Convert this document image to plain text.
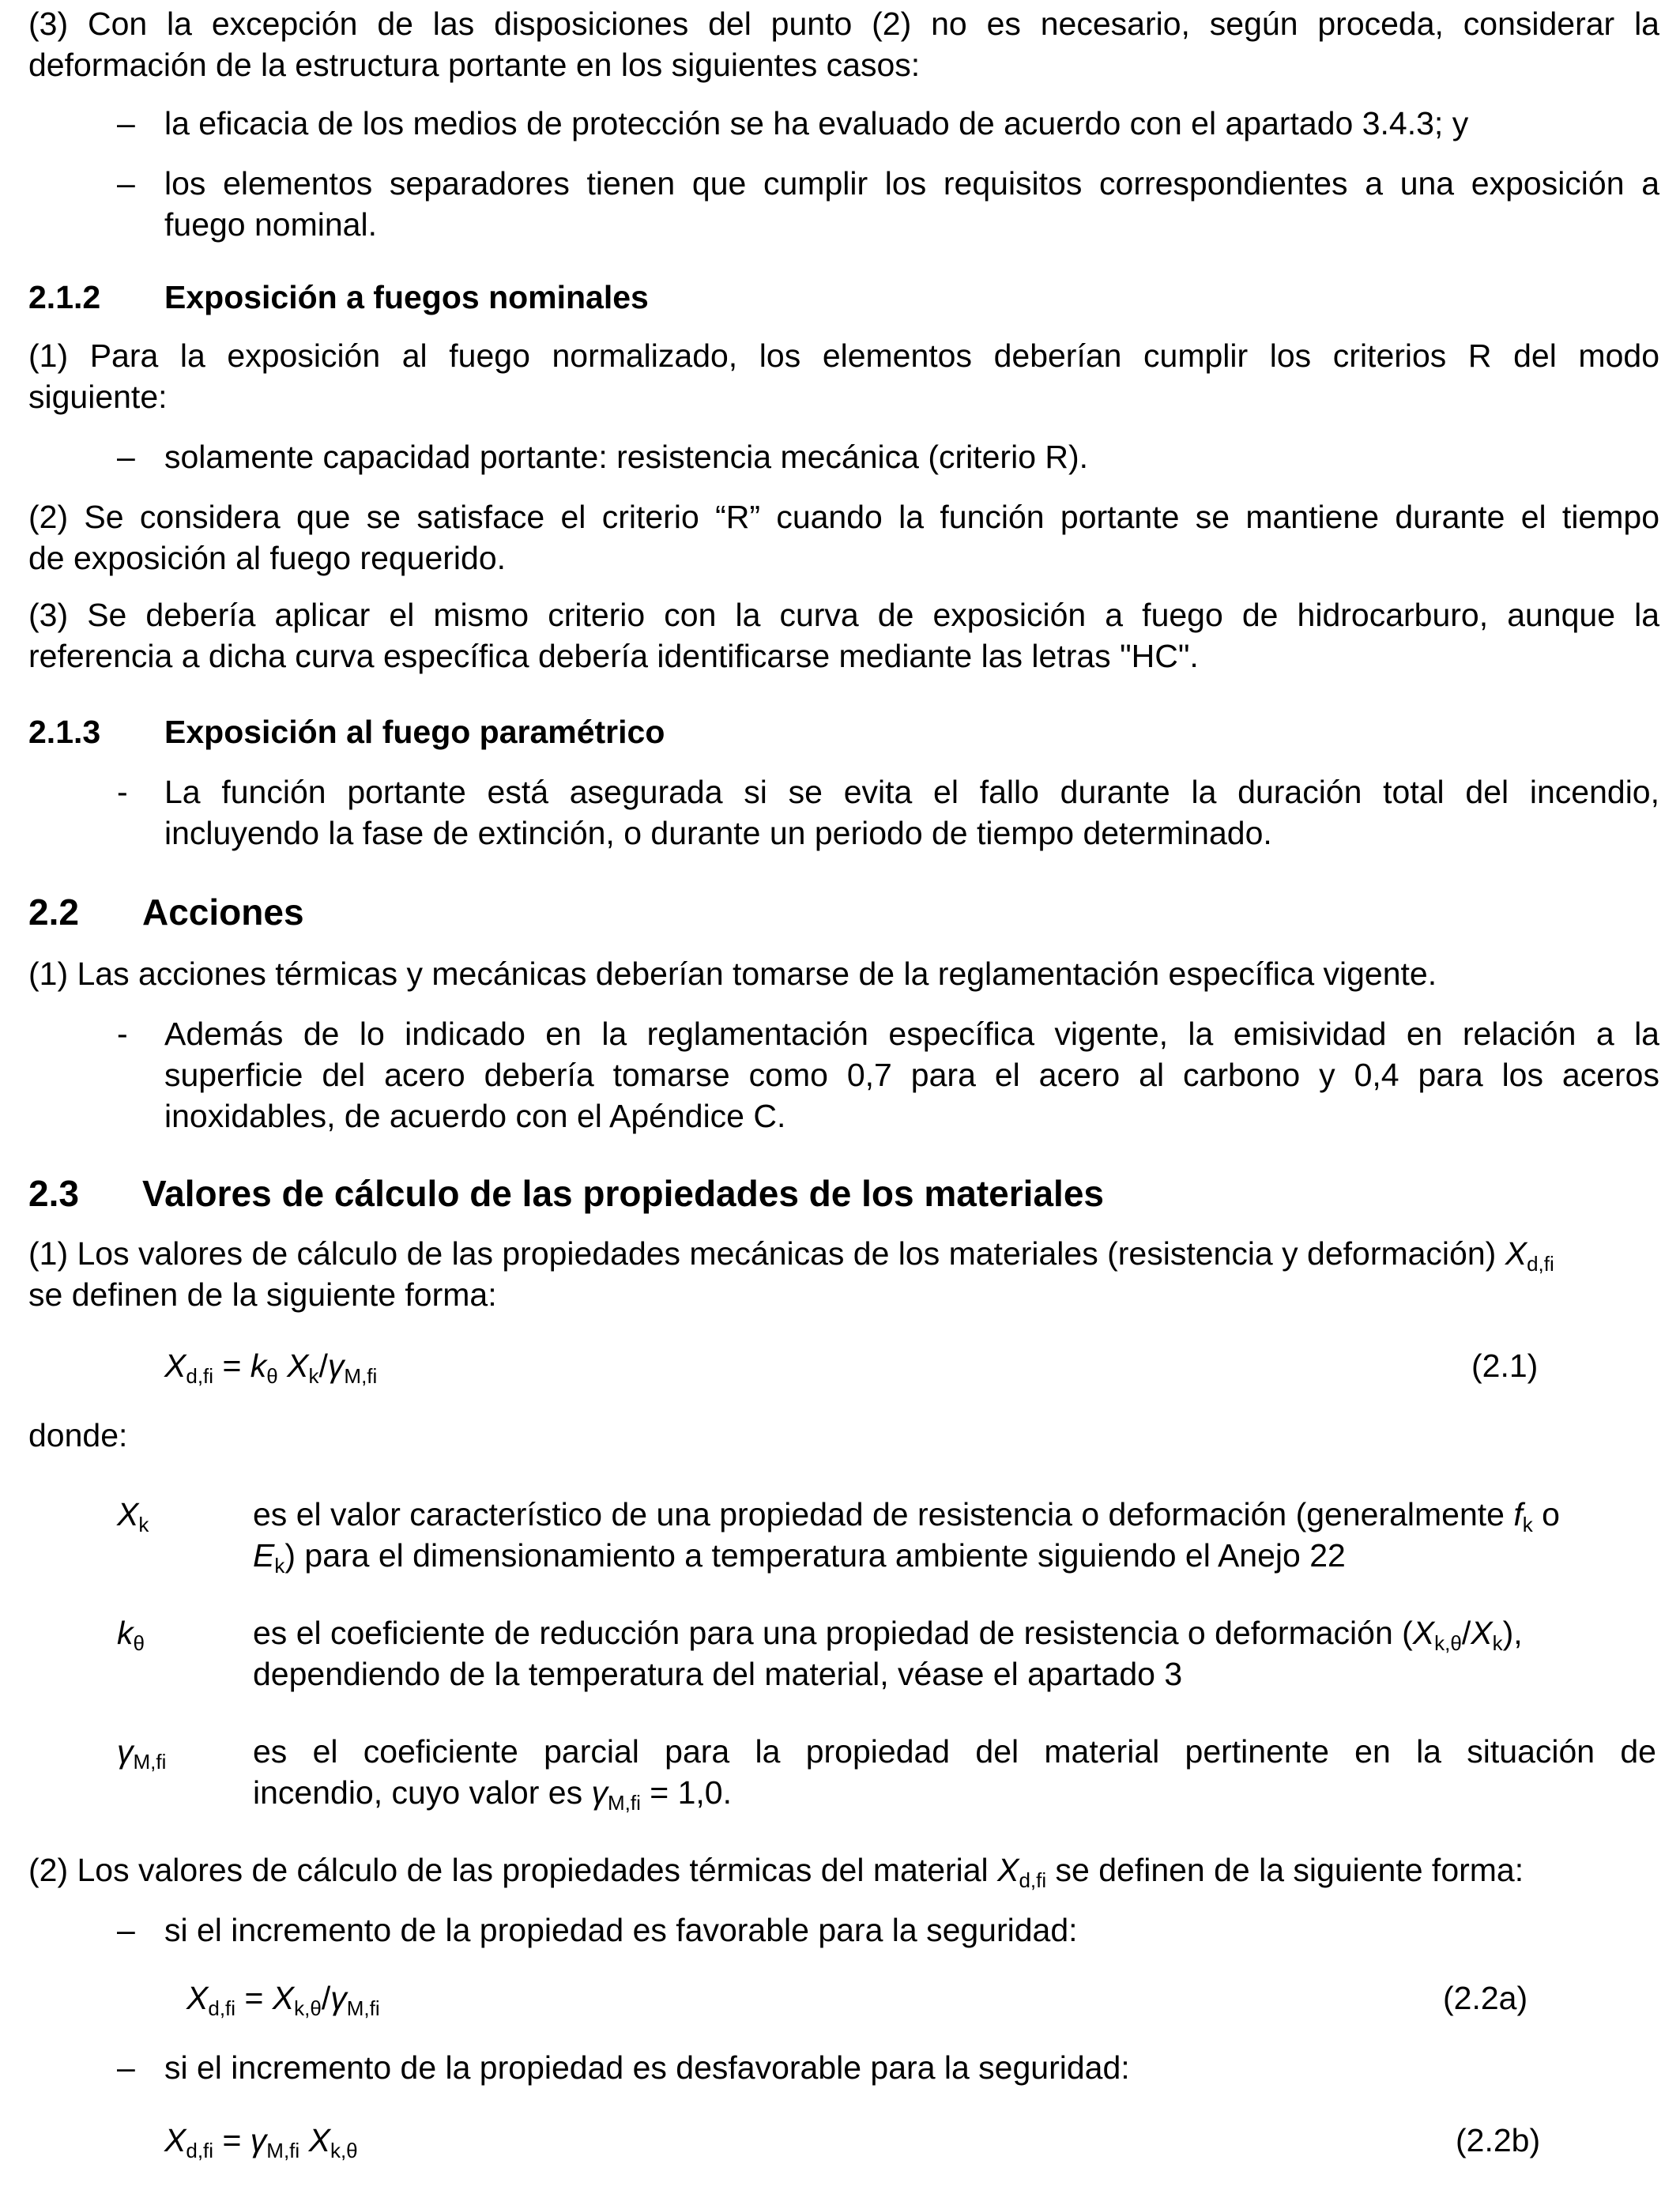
(3) Con la excepción de las disposiciones del punto (2) no es necesario, según proceda, considerar la
deformación de la estructura portante en los siguientes casos:
– la eficacia de los medios de protección se ha evaluado de acuerdo con el apartado 3.4.3; y
– los elementos separadores tienen que cumplir los requisitos correspondientes a una exposición a
fuego nominal.
2.1.2 Exposición a fuegos nominales
(1) Para la exposición al fuego normalizado, los elementos deberían cumplir los criterios R del modo
siguiente:
– solamente capacidad portante: resistencia mecánica (criterio R).
(2) Se considera que se satisface el criterio “R” cuando la función portante se mantiene durante el tiempo
de exposición al fuego requerido.
(3) Se debería aplicar el mismo criterio con la curva de exposición a fuego de hidrocarburo, aunque la
referencia a dicha curva específica debería identificarse mediante las letras "HC".
2.1.3 Exposición al fuego paramétrico
-	La función portante está asegurada si se evita el fallo durante la duración total del incendio,
incluyendo la fase de extinción, o durante un periodo de tiempo determinado.
2.2 Acciones
(1) Las acciones térmicas y mecánicas deberían tomarse de la reglamentación específica vigente.
-	Además de lo indicado en la reglamentación específica vigente, la emisividad en relación a la
superficie del acero debería tomarse como 0,7 para el acero al carbono y 0,4 para los aceros
inoxidables, de acuerdo con el Apéndice C.
2.3 Valores de cálculo de las propiedades de los materiales
(1) Los valores de cálculo de las propiedades mecánicas de los materiales (resistencia y deformación) $X_{d,fi}$
se definen de la siguiente forma:
$X_{d,fi} = k_\theta$ $X_k/\gamma_{M,fi}$	(2.1)
donde:
$X_k$	es el valor característico de una propiedad de resistencia o deformación (generalmente $f_k$ o
$E_k$) para el dimensionamiento a temperatura ambiente siguiendo el Anejo 22
$k_\theta$	es el coeficiente de reducción para una propiedad de resistencia o deformación $(X_{k,\theta}/X_k)$,
dependiendo de la temperatura del material, véase el apartado 3
$\gamma_{M,fi}$	es el coeficiente parcial para la propiedad del material pertinente en la situación de
incendio, cuyo valor es $\gamma_{M,fi} = 1,0$.
(2) Los valores de cálculo de las propiedades térmicas del material $X_{d,fi}$ se definen de la siguiente forma:
– si el incremento de la propiedad es favorable para la seguridad:
$X_{d,fi} = X_{k,\theta}/\gamma_{M,fi}$	(2.2a)
– si el incremento de la propiedad es desfavorable para la seguridad:
$X_{d,fi} = \gamma_{M,fi}$ $X_{k,\theta}$	(2.2b)
